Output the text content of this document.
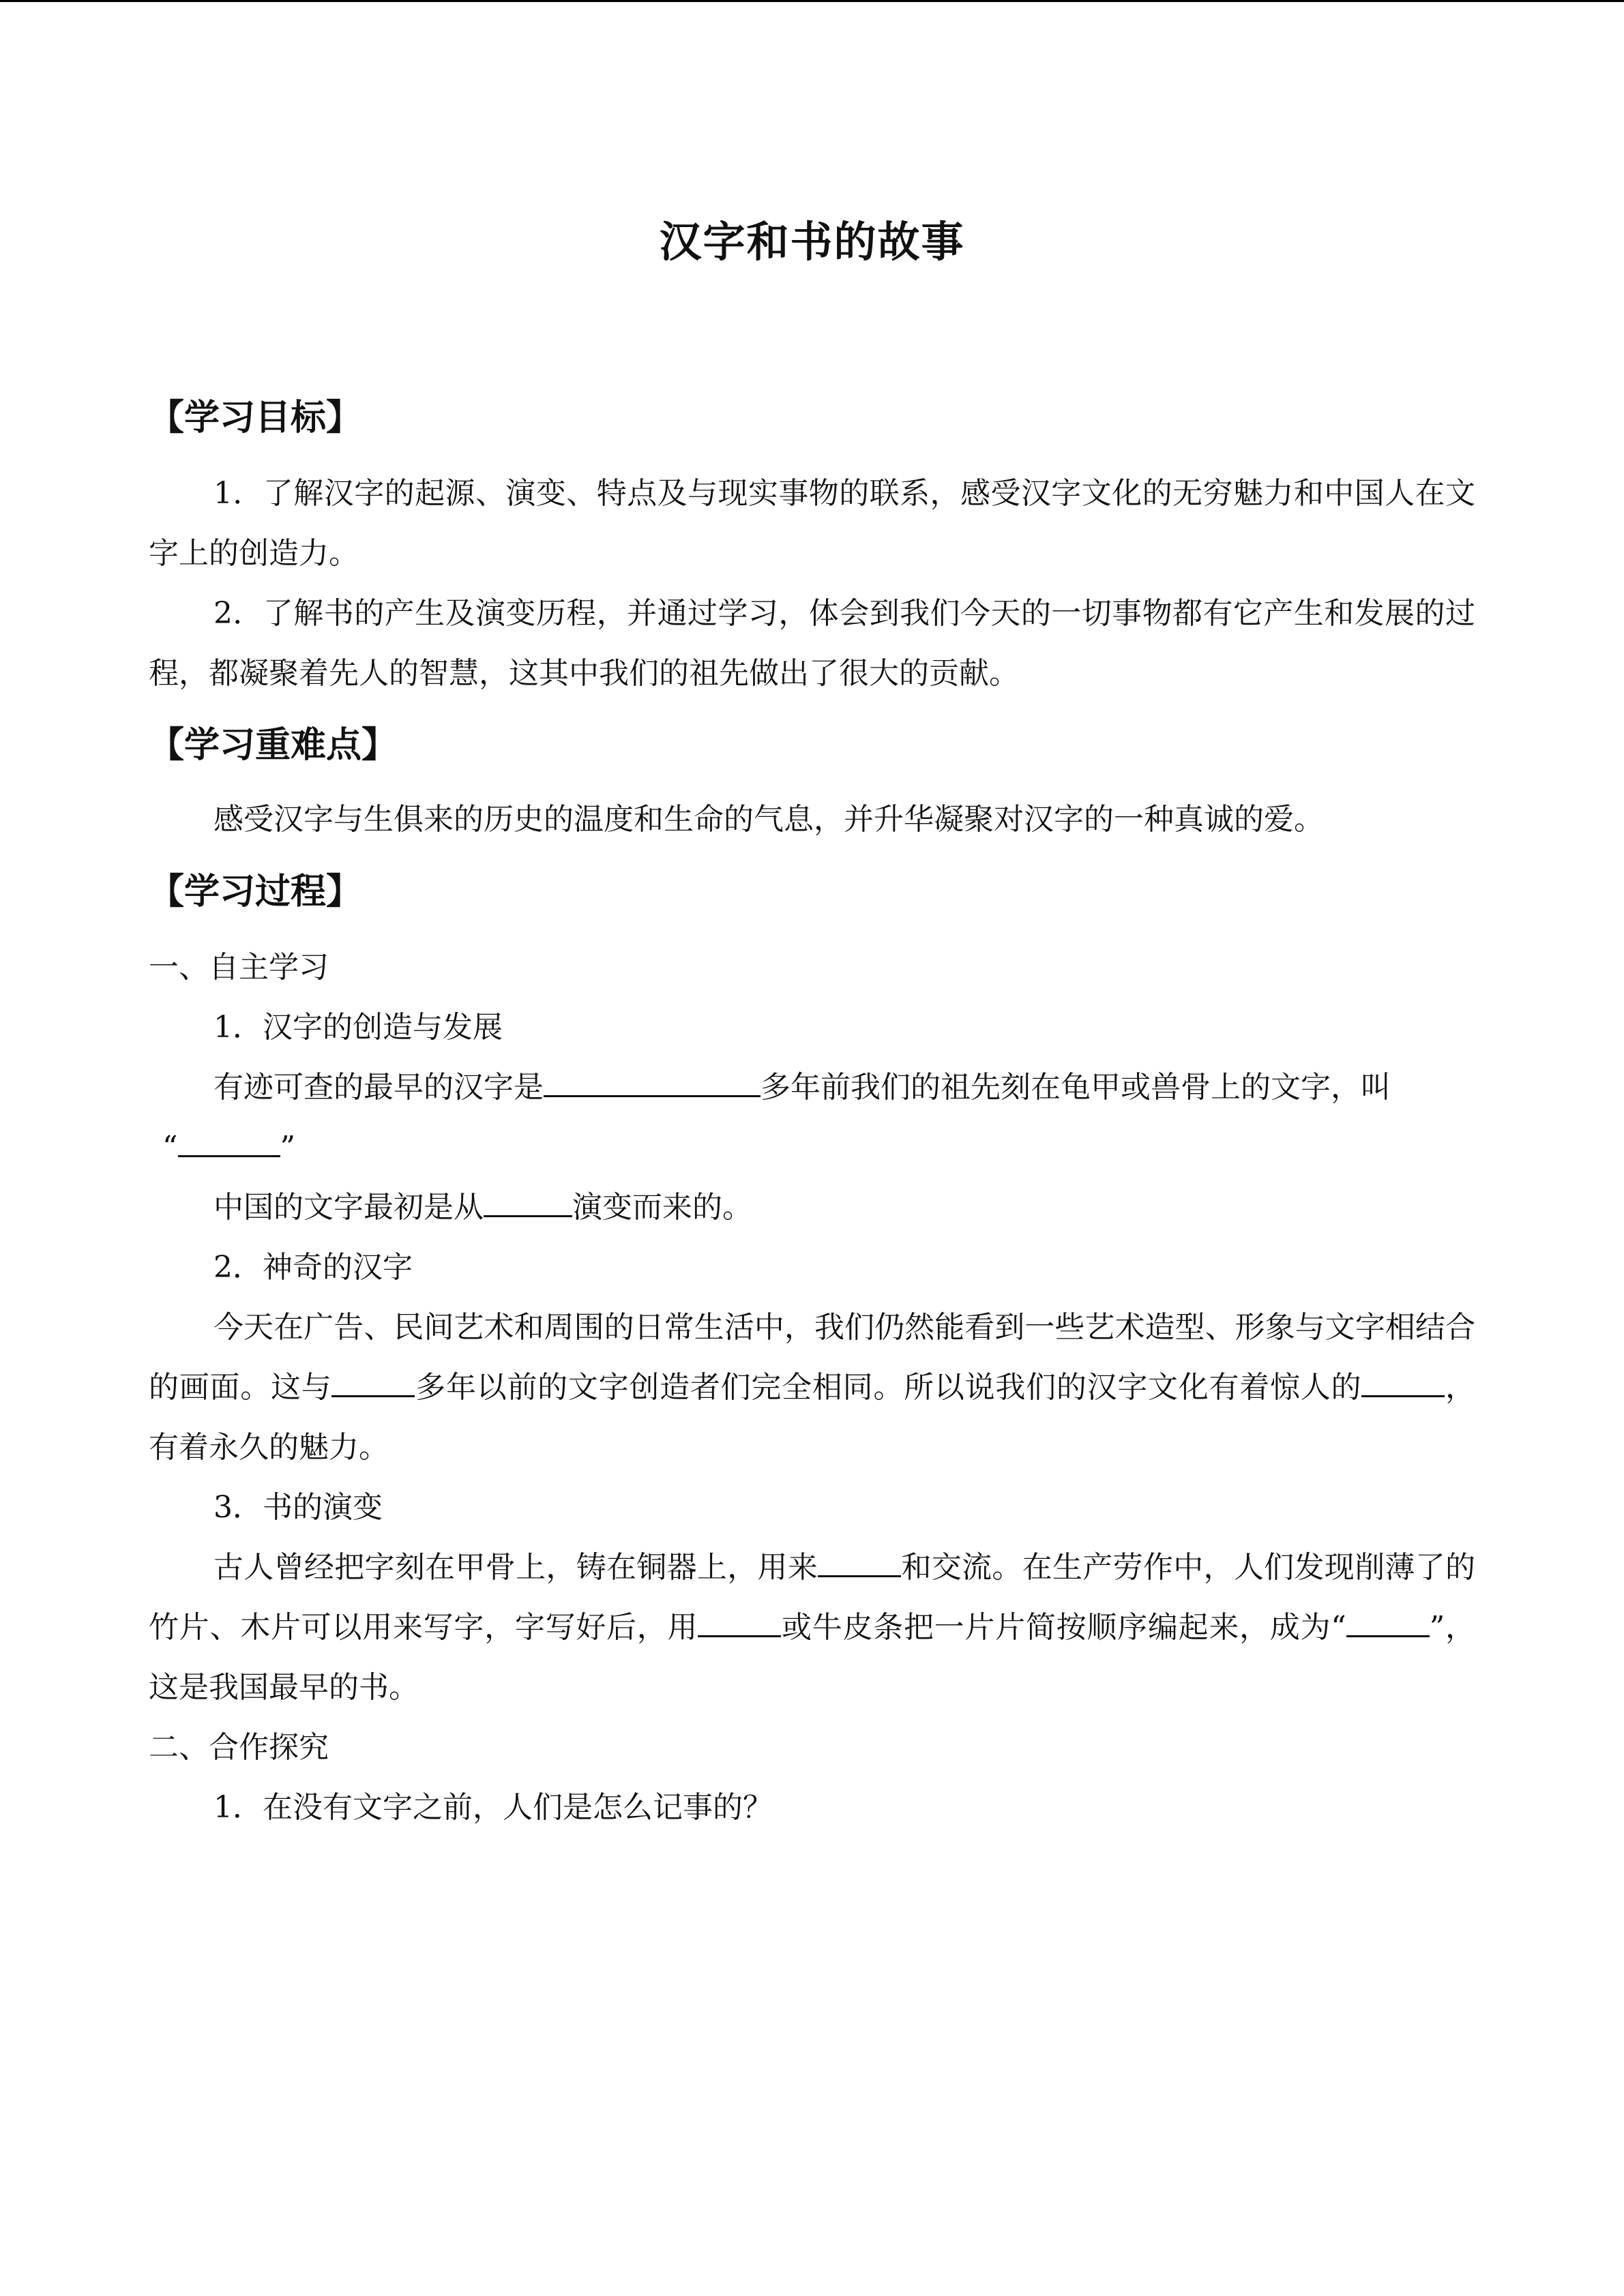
汉字和书的故事
【学习目标】
1．了解汉字的起源、演变、特点及与现实事物的联系，感受汉字文化的无穷魅力和中国人在文字上的创造力。
2．了解书的产生及演变历程，并通过学习，体会到我们今天的一切事物都有它产生和发展的过程，都凝聚着先人的智慧，这其中我们的祖先做出了很大的贡献。
【学习重难点】
感受汉字与生俱来的历史的温度和生命的气息，并升华凝聚对汉字的一种真诚的爱。
【学习过程】
一、自主学习
1．汉字的创造与发展
有迹可查的最早的汉字是	多年前我们的祖先刻在龟甲或兽骨上的文字，叫
“	”
中国的文字最初是从	演变而来的。
2．神奇的汉字
今天在广告、民间艺术和周围的日常生活中，我们仍然能看到一些艺术造型、形象与文字相结合的画面。这与	多年以前的文字创造者们完全相同。所以说我们的汉字文化有着惊人的	，有着永久的魅力。
3．书的演变
古人曾经把字刻在甲骨上，铸在铜器上，用来	和交流。在生产劳作中，人们发现削薄了的竹片、木片可以用来写字，字写好后，用	或牛皮条把一片片简按顺序编起来，成为“	”，这是我国最早的书。
二、合作探究
1．在没有文字之前，人们是怎么记事的？
